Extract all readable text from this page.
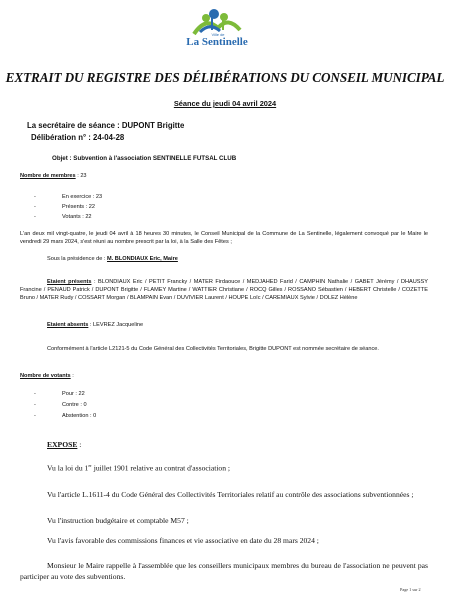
Ville de
La Sentinelle
EXTRAIT DU REGISTRE DES DÉLIBÉRATIONS DU CONSEIL MUNICIPAL
Séance du jeudi 04 avril 2024
La secrétaire de séance : DUPONT Brigitte
Délibération n° : 24-04-28
Objet : Subvention à l'association SENTINELLE FUTSAL CLUB
Nombre de membres : 23
-	En exercice : 23
-	Présents : 22
-	Votants : 22
L'an deux mil vingt-quatre, le jeudi 04 avril à 18 heures 30 minutes, le Conseil Municipal de la Commune de La Sentinelle, légalement convoqué par le Maire le vendredi 29 mars 2024, s'est réuni au nombre prescrit par la loi, à la Salle des Fêtes ;
Sous la présidence de : M. BLONDIAUX Eric, Maire
Etaient présents : BLONDIAUX Eric / PETIT Francky / MATER Firdaouce / MEDJAHED Farid / CAMPHIN Nathalie / GABET Jérémy / DHAUSSY Francine / PENAUD Patrick / DUPONT Brigitte / FLAMEY Martine / WATTIER Christiane / ROCQ Gilles / ROSSANO Sébastien / HEBERT Christelle / COZETTE Bruno / MATER Rudy / COSSART Morgan / BLAMPAIN Evan / DUVIVIER Laurent / HOUPE Loïc / CAREMIAUX Sylvie / DOLEZ Hélène
Etaient absents : LEVREZ Jacqueline
Conformément à l'article L2121-5 du Code Général des Collectivités Territoriales, Brigitte DUPONT est nommée secrétaire de séance.
Nombre de votants :
-	Pour : 22
-	Contre : 0
-	Abstention : 0
EXPOSE :
Vu la loi du 1er juillet 1901 relative au contrat d'association ;
Vu l'article L.1611-4 du Code Général des Collectivités Territoriales relatif au contrôle des associations subventionnées ;
Vu l'instruction budgétaire et comptable M57 ;
Vu l'avis favorable des commissions finances et vie associative en date du 28 mars 2024 ;
Monsieur le Maire rappelle à l'assemblée que les conseillers municipaux membres du bureau de l'association ne peuvent pas participer au vote des subventions.
Page 1 sur 2
